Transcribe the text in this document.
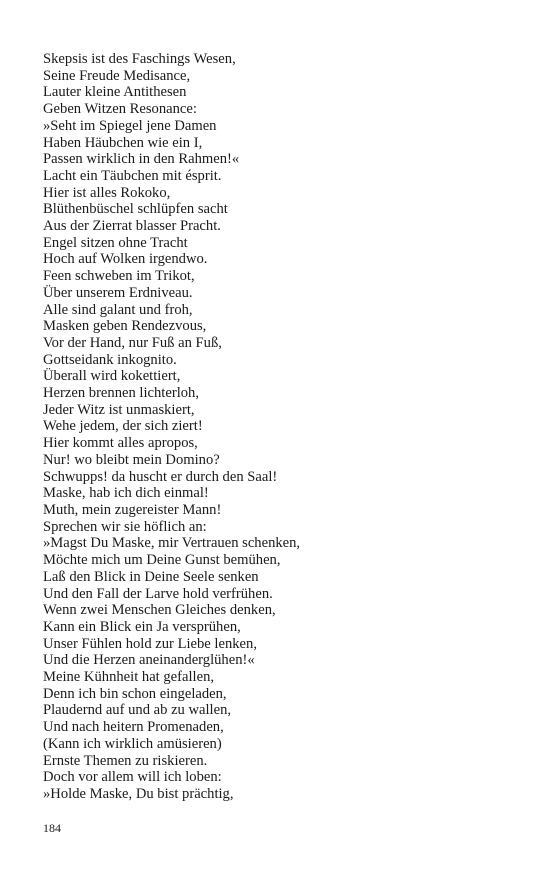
Skepsis ist des Faschings Wesen,
Seine Freude Medisance,
Lauter kleine Antithesen
Geben Witzen Resonance:
»Seht im Spiegel jene Damen
Haben Häubchen wie ein I,
Passen wirklich in den Rahmen!«
Lacht ein Täubchen mit ésprit.
Hier ist alles Rokoko,
Blüthenbüschel schlüpfen sacht
Aus der Zierrat blasser Pracht.
Engel sitzen ohne Tracht
Hoch auf Wolken irgendwo.
Feen schweben im Trikot,
Über unserem Erdniveau.
Alle sind galant und froh,
Masken geben Rendezvous,
Vor der Hand, nur Fuß an Fuß,
Gottseidank inkognito.
Überall wird kokettiert,
Herzen brennen lichterloh,
Jeder Witz ist unmaskiert,
Wehe jedem, der sich ziert!
Hier kommt alles apropos,
Nur! wo bleibt mein Domino?
Schwupps! da huscht er durch den Saal!
Maske, hab ich dich einmal!
Muth, mein zugereister Mann!
Sprechen wir sie höflich an:
»Magst Du Maske, mir Vertrauen schenken,
Möchte mich um Deine Gunst bemühen,
Laß den Blick in Deine Seele senken
Und den Fall der Larve hold verfrühen.
Wenn zwei Menschen Gleiches denken,
Kann ein Blick ein Ja versprühen,
Unser Fühlen hold zur Liebe lenken,
Und die Herzen aneinanderglühen!«
Meine Kühnheit hat gefallen,
Denn ich bin schon eingeladen,
Plaudernd auf und ab zu wallen,
Und nach heitern Promenaden,
(Kann ich wirklich amüsieren)
Ernste Themen zu riskieren.
Doch vor allem will ich loben:
»Holde Maske, Du bist prächtig,
184
